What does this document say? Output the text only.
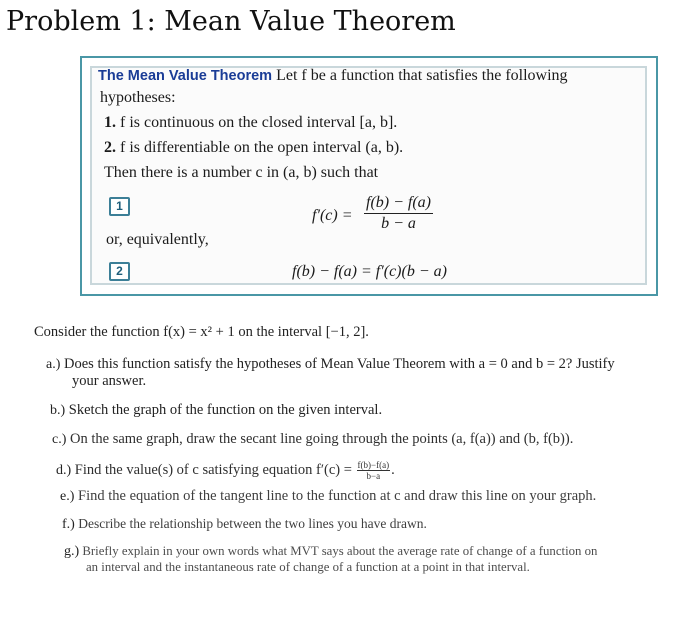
Problem 1: Mean Value Theorem
The Mean Value Theorem Let f be a function that satisfies the following
hypotheses:
1. f is continuous on the closed interval [a, b].
2. f is differentiable on the open interval (a, b).
Then there is a number c in (a, b) such that
1
$f'(c) = \frac{f(b) - f(a)}{b - a}$
or, equivalently,
2	f(b) − f(a) = f′(c)(b − a)
Consider the function f(x) = x² + 1 on the interval [−1, 2].
a.) Does this function satisfy the hypotheses of Mean Value Theorem with a = 0 and b = 2? Justify
your answer.
b.) Sketch the graph of the function on the given interval.
c.) On the same graph, draw the secant line going through the points (a, f(a)) and (b, f(b)).
d.) Find the value(s) of c satisfying equation $f'(c) = \frac{f(b)-f(a)}{b-a}$ .
e.) Find the equation of the tangent line to the function at c and draw this line on your graph.
f.) Describe the relationship between the two lines you have drawn.
g.) Briefly explain in your own words what MVT says about the average rate of change of a function on
an interval and the instantaneous rate of change of a function at a point in that interval.
